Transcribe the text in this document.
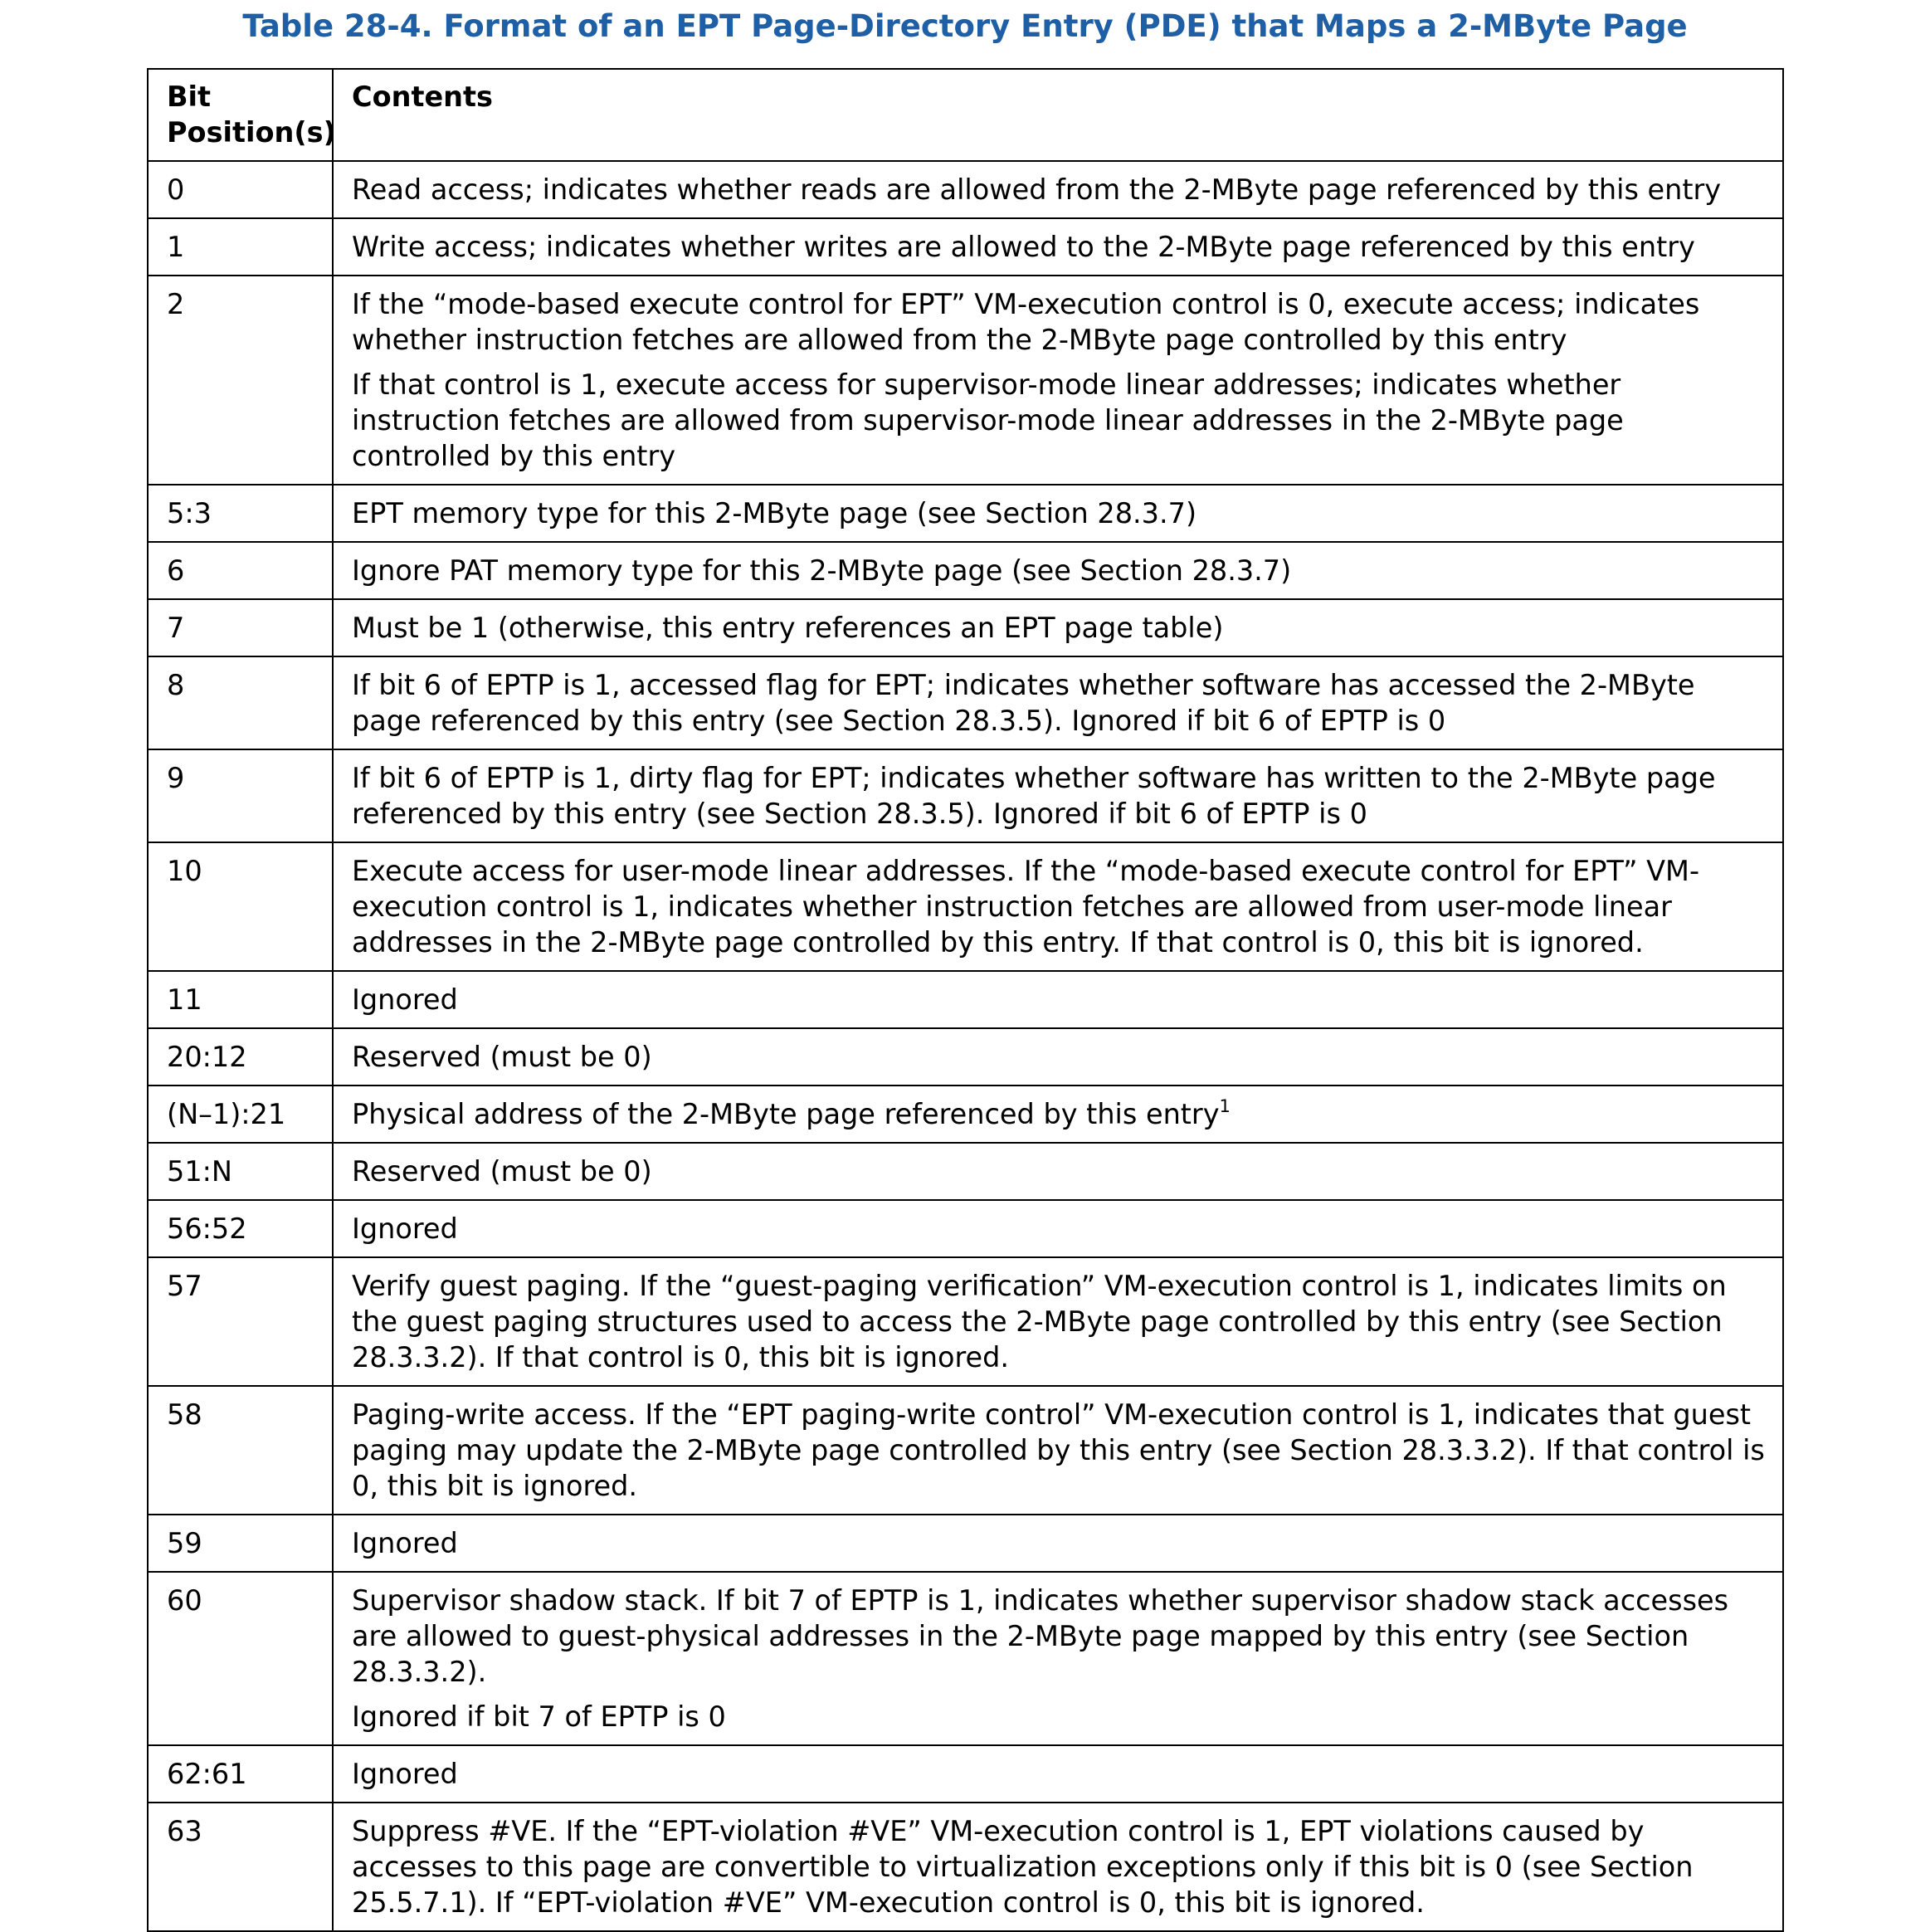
Table 28-4. Format of an EPT Page-Directory Entry (PDE) that Maps a 2-MByte Page
Bit
Position(s)	Contents
0	Read access; indicates whether reads are allowed from the 2-MByte page referenced by this entry

1	Write access; indicates whether writes are allowed to the 2-MByte page referenced by this entry

2	If the “mode-based execute control for EPT” VM-execution control is 0, execute access; indicates whether instruction fetches are allowed from the 2-MByte page controlled by this entry

If that control is 1, execute access for supervisor-mode linear addresses; indicates whether instruction fetches are allowed from supervisor-mode linear addresses in the 2-MByte page controlled by this entry

5:3	EPT memory type for this 2-MByte page (see Section 28.3.7)

6	Ignore PAT memory type for this 2-MByte page (see Section 28.3.7)

7	Must be 1 (otherwise, this entry references an EPT page table)

8	If bit 6 of EPTP is 1, accessed flag for EPT; indicates whether software has accessed the 2-MByte page referenced by this entry (see Section 28.3.5). Ignored if bit 6 of EPTP is 0

9	If bit 6 of EPTP is 1, dirty flag for EPT; indicates whether software has written to the 2-MByte page referenced by this entry (see Section 28.3.5). Ignored if bit 6 of EPTP is 0

10	Execute access for user-mode linear addresses. If the “mode-based execute control for EPT” VM-execution control is 1, indicates whether instruction fetches are allowed from user-mode linear addresses in the 2-MByte page controlled by this entry. If that control is 0, this bit is ignored.

11	Ignored

20:12	Reserved (must be 0)

(N–1):21	Physical address of the 2-MByte page referenced by this entry$^1$

51:N	Reserved (must be 0)

56:52	Ignored

57	Verify guest paging. If the “guest-paging verification” VM-execution control is 1, indicates limits on the guest paging structures used to access the 2-MByte page controlled by this entry (see Section 28.3.3.2). If that control is 0, this bit is ignored.

58	Paging-write access. If the “EPT paging-write control” VM-execution control is 1, indicates that guest paging may update the 2-MByte page controlled by this entry (see Section 28.3.3.2). If that control is 0, this bit is ignored.

59	Ignored

60	Supervisor shadow stack. If bit 7 of EPTP is 1, indicates whether supervisor shadow stack accesses are allowed to guest-physical addresses in the 2-MByte page mapped by this entry (see Section 28.3.3.2).

Ignored if bit 7 of EPTP is 0

62:61	Ignored

63	Suppress #VE. If the “EPT-violation #VE” VM-execution control is 1, EPT violations caused by accesses to this page are convertible to virtualization exceptions only if this bit is 0 (see Section 25.5.7.1). If “EPT-violation #VE” VM-execution control is 0, this bit is ignored.
